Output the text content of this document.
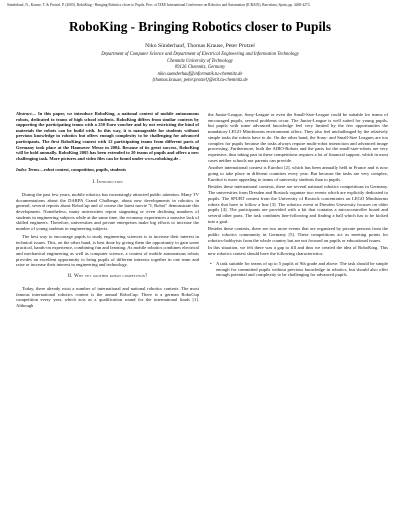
Sünderhauf, N., Krause, T. & Protzel, P. (2005). RoboKing - Bringing Robotics closer to Pupils. Proc. of IEEE International Conference on Robotics and Automation (ICRA05), Barcelona, Spain, pp. 4268-4273.
RoboKing - Bringing Robotics closer to Pupils
Niko Sünderhauf, Thomas Krause, Peter Protzel
Department of Computer Science and Department of Electrical Engineering and Information Technology
Chemnitz University of Technology
09126 Chemnitz, Germany
niko.suenderhauf@informatik.tu-chemnitz.de
{thomas.krause, peter.protzel}@etit.tu-chemnitz.de

Abstract— In this paper, we introduce RoboKing, a national contest of mobile autonomous robots, dedicated to teams of high school students. RoboKing differs from similar contests by supporting the participating teams with a 250 Euro voucher and by not restricting the kind of materials the robots can be build with. In this way, it is manageable for students without previous knowledge in robotics but offers enough complexity to be challenging for advanced participants. The first RoboKing contest with 12 participating teams from different parts of Germany took place at the Hannover Messe in 2004. Because of its great success, RoboKing will be hold annually. RoboKing 2005 has been extended to 20 teams of pupils and offers a new challenging task. More pictures and video files can be found under www.roboking.de .

Index Terms—robot contest, competition, pupils, students

I. Introduction

During the past few years, mobile robotics has increasingly attracted public attention. Many TV documentations about the DARPA Grand Challenge, about new developments in robotics in general, several reports about RoboCup and of course the latest movie "I, Robot" demonstrate this development. Nonetheless, many universities report stagnating or even declining numbers of students in engineering subjects while at the same time, the economy experiences a massive lack of skilled engineers. Therefore, universities and private enterprises make big efforts to increase the number of young students in engineering subjects.

The best way to encourage pupils to study engineering sciences is to increase their interest in technical issues. This, on the other hand, is best done by giving them the opportunity to gain some practical, hands-on experience, combining fun and learning. As mobile robotics combines electrical and mechanical engineering as well as computer science, a contest of mobile autonomous robots provides an excellent opportunity to bring pupils of different interests together in one team and raise or increase their interest in engineering and technology.

II. Why yet another robot competition?

Today, there already exist a number of international and national robotics contests. The most famous international robotics contest is the annual RoboCup. There is a german RoboCup competition every year, which acts as a qualification round for the international finals [1]. Although

the Junior-League, Sony-League or even the Small-Size-League could be suitable for teams of encouraged pupils, several problems occur. The Junior-League is well suited for young pupils, but pupils with some advanced knowledge feel very limited by the few opportunities the mandatory LEGO Mindstorms environment offers. They also feel unchallenged by the relatively simple tasks the robots have to do. On the other hand, the Sony- and Small-Size Leagues are too complex for pupils because the tasks always require multi-robot interaction and advanced image processing. Furthermore, both the AIBO-Robots and the parts for the small-size-robots are very expensive, thus taking part in these competitions requires a lot of financial support, which in most cases neither schools nor parents can provide.

Another international contest is Eurobot [2], which has been annually held in France and is now going to take place in different countries every year. But because the tasks are very complex, Eurobot is more appealing to teams of university students than to pupils.

Besides these international contests, there are several national robotics competitions in Germany. The universities from Dresden and Rostock organize two events which are explicitly dedicated to pupils. The SPURT contest from the University of Rostock concentrates on LEGO Mindstorms robots that have to follow a line [3]. The robotics event at Dresden University focuses on older pupils [4]. The participants are provided with a kit that contains a microcontroller board and several other parts. The task combines line-following and finding a ball which has to be kicked into a goal.

Besides these contests, there are two more events that are organized by private persons from the public robotics community in Germany [5]. These competitions act as meeting points for robotics-hobbyists from the whole country but are not focused on pupils or educational issues.

In this situation, we felt there was a gap to fill and thus we created the idea of RoboKing. This new robotics contest should have the following characteristics:

• A task suitable for teams of up to 5 pupils of 9th grade and above. The task should be simple enough for committed pupils without previous knowledge in robotics, but should also offer enough potential and complexity to be challenging for advanced pupils.
